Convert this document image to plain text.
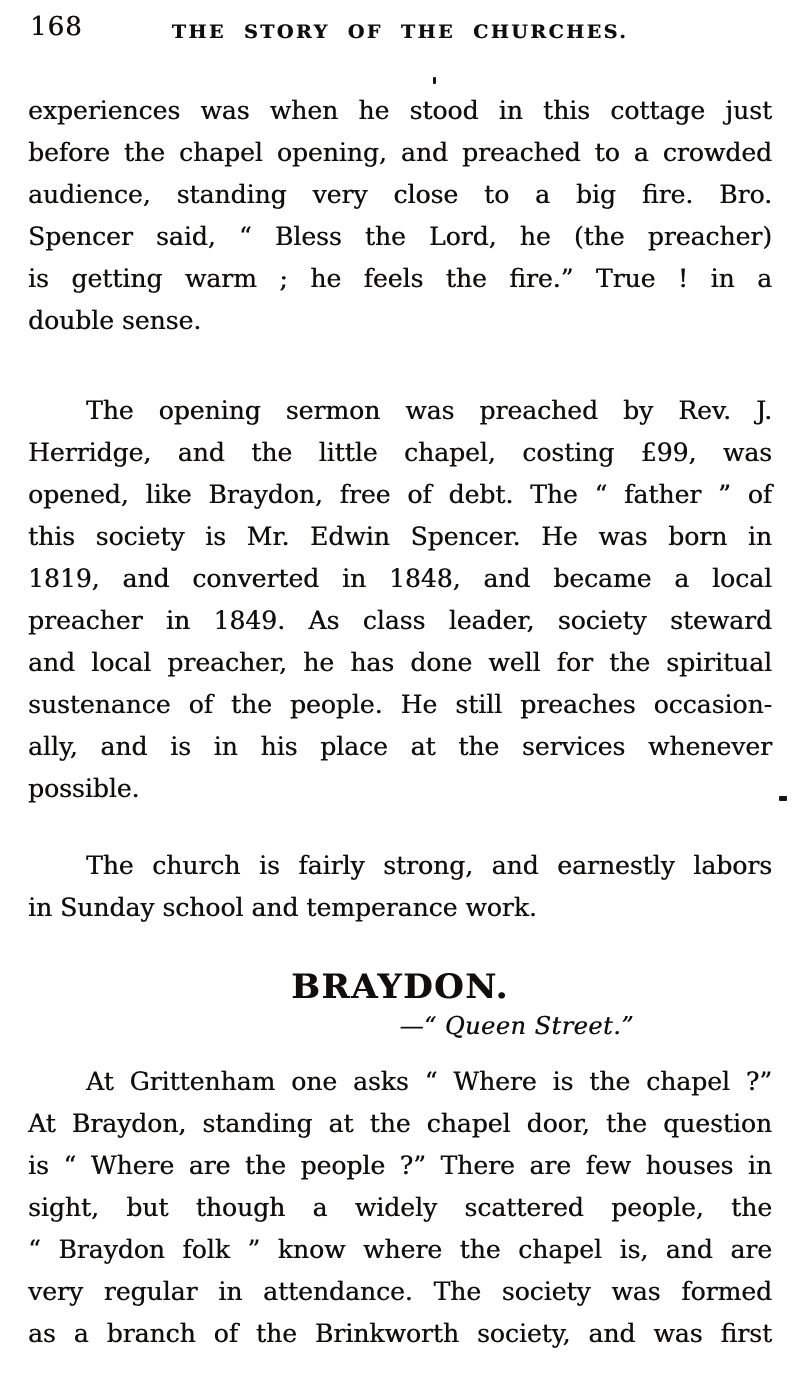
168	THE STORY OF THE CHURCHES.
experiences was when he stood in this cottage just
before the chapel opening, and preached to a crowded
audience, standing very close to a big fire. Bro.
Spencer said, “ Bless the Lord, he (the preacher)
is getting warm ; he feels the fire.” True ! in a
double sense.
The opening sermon was preached by Rev. J.
Herridge, and the little chapel, costing £99, was
opened, like Braydon, free of debt. The “ father ” of
this society is Mr. Edwin Spencer. He was born in
1819, and converted in 1848, and became a local
preacher in 1849. As class leader, society steward
and local preacher, he has done well for the spiritual
sustenance of the people. He still preaches occasion-
ally, and is in his place at the services whenever
possible.
The church is fairly strong, and earnestly labors
in Sunday school and temperance work.
BRAYDON.
—“ Queen Street.”
At Grittenham one asks “ Where is the chapel ?”
At Braydon, standing at the chapel door, the question
is “ Where are the people ?” There are few houses in
sight, but though a widely scattered people, the
“ Braydon folk ” know where the chapel is, and are
very regular in attendance. The society was formed
as a branch of the Brinkworth society, and was first
